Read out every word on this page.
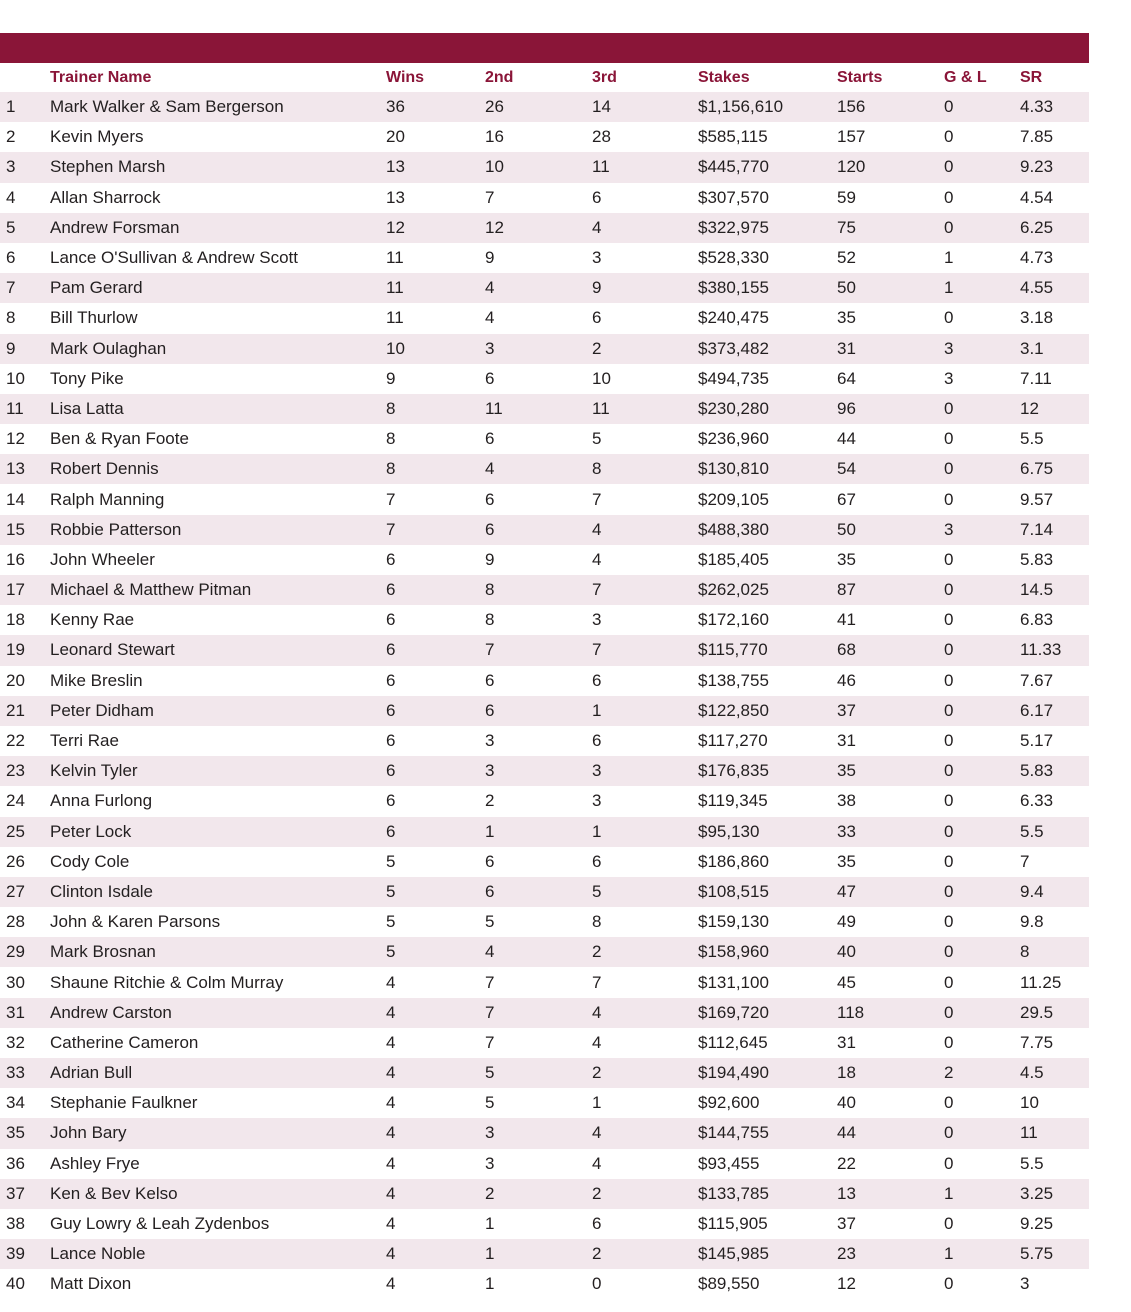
	Trainer Name	Wins	2nd	3rd	Stakes	Starts	G & L	SR
1	Mark Walker & Sam Bergerson	36	26	14	$1,156,610	156	0	4.33
2	Kevin Myers	20	16	28	$585,115	157	0	7.85
3	Stephen Marsh	13	10	11	$445,770	120	0	9.23
4	Allan Sharrock	13	7	6	$307,570	59	0	4.54
5	Andrew Forsman	12	12	4	$322,975	75	0	6.25
6	Lance O'Sullivan & Andrew Scott	11	9	3	$528,330	52	1	4.73
7	Pam Gerard	11	4	9	$380,155	50	1	4.55
8	Bill Thurlow	11	4	6	$240,475	35	0	3.18
9	Mark Oulaghan	10	3	2	$373,482	31	3	3.1
10	Tony Pike	9	6	10	$494,735	64	3	7.11
11	Lisa Latta	8	11	11	$230,280	96	0	12
12	Ben & Ryan Foote	8	6	5	$236,960	44	0	5.5
13	Robert Dennis	8	4	8	$130,810	54	0	6.75
14	Ralph Manning	7	6	7	$209,105	67	0	9.57
15	Robbie Patterson	7	6	4	$488,380	50	3	7.14
16	John Wheeler	6	9	4	$185,405	35	0	5.83
17	Michael & Matthew Pitman	6	8	7	$262,025	87	0	14.5
18	Kenny Rae	6	8	3	$172,160	41	0	6.83
19	Leonard Stewart	6	7	7	$115,770	68	0	11.33
20	Mike Breslin	6	6	6	$138,755	46	0	7.67
21	Peter Didham	6	6	1	$122,850	37	0	6.17
22	Terri Rae	6	3	6	$117,270	31	0	5.17
23	Kelvin Tyler	6	3	3	$176,835	35	0	5.83
24	Anna Furlong	6	2	3	$119,345	38	0	6.33
25	Peter Lock	6	1	1	$95,130	33	0	5.5
26	Cody Cole	5	6	6	$186,860	35	0	7
27	Clinton Isdale	5	6	5	$108,515	47	0	9.4
28	John & Karen Parsons	5	5	8	$159,130	49	0	9.8
29	Mark Brosnan	5	4	2	$158,960	40	0	8
30	Shaune Ritchie & Colm Murray	4	7	7	$131,100	45	0	11.25
31	Andrew Carston	4	7	4	$169,720	118	0	29.5
32	Catherine Cameron	4	7	4	$112,645	31	0	7.75
33	Adrian Bull	4	5	2	$194,490	18	2	4.5
34	Stephanie Faulkner	4	5	1	$92,600	40	0	10
35	John Bary	4	3	4	$144,755	44	0	11
36	Ashley Frye	4	3	4	$93,455	22	0	5.5
37	Ken & Bev Kelso	4	2	2	$133,785	13	1	3.25
38	Guy Lowry & Leah Zydenbos	4	1	6	$115,905	37	0	9.25
39	Lance Noble	4	1	2	$145,985	23	1	5.75
40	Matt Dixon	4	1	0	$89,550	12	0	3
